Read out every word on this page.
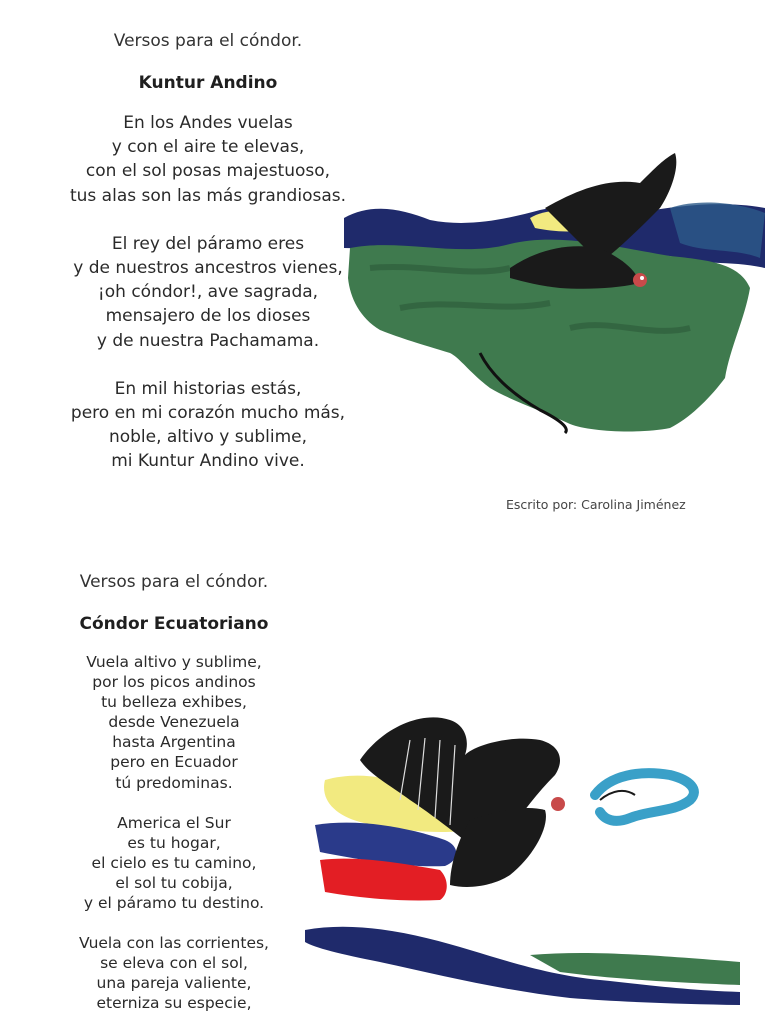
Versos para el cóndor.
Kuntur Andino
En los Andes vuelas
y con el aire te elevas,
con el sol posas majestuoso,
tus alas son las más grandiosas.
El rey del páramo eres
y de nuestros ancestros vienes,
¡oh cóndor!, ave sagrada,
mensajero de los dioses
y de nuestra Pachamama.
En mil historias estás,
pero en mi corazón mucho más,
noble, altivo y sublime,
mi Kuntur Andino vive.
Escrito por: Carolina Jiménez
Versos para el cóndor.
Cóndor Ecuatoriano
Vuela altivo y sublime,
por los picos andinos
tu belleza exhibes,
desde Venezuela
hasta Argentina
pero en Ecuador
tú predominas.
America el Sur
es tu hogar,
el cielo es tu camino,
el sol tu cobija,
y el páramo tu destino.
Vuela con las corrientes,
se eleva con el sol,
una pareja valiente,
eterniza su especie,
